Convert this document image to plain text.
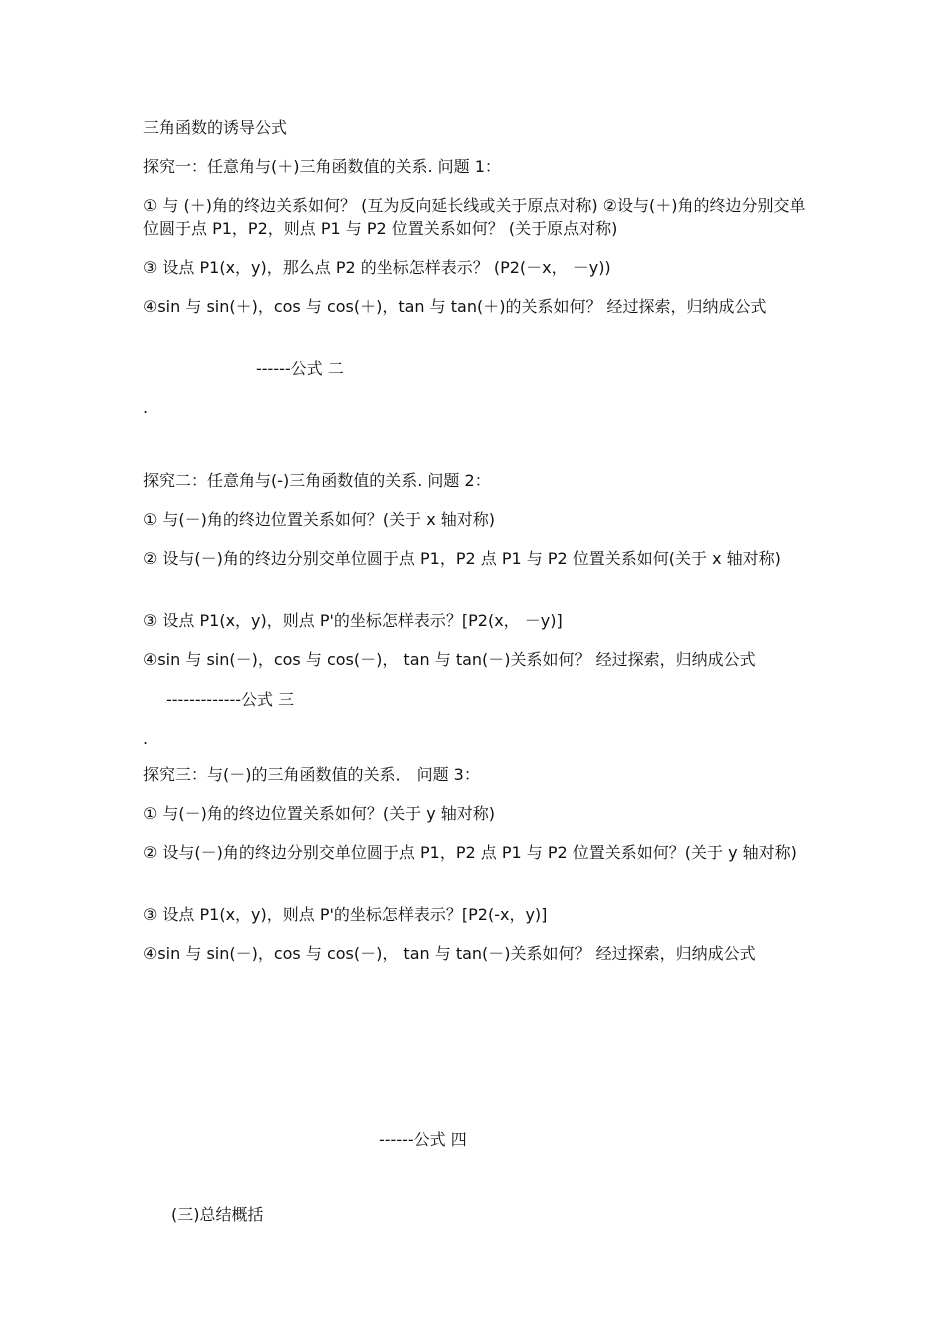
三角函数的诱导公式
探究一：任意角与(＋)三角函数值的关系. 问题 1：
① 与 (＋)角的终边关系如何？ (互为反向延长线或关于原点对称) ②设与(＋)角的终边分别交单位圆于点 P1，P2，则点 P1 与 P2 位置关系如何？ (关于原点对称)
③ 设点 P1(x，y)，那么点 P2 的坐标怎样表示？ (P2(－x， －y))
④sin 与 sin(＋)，cos 与 cos(＋)，tan 与 tan(＋)的关系如何？ 经过探索，归纳成公式
------公式 二
.
探究二：任意角与(-)三角函数值的关系. 问题 2：
① 与(－)角的终边位置关系如何？(关于 x 轴对称)
② 设与(－)角的终边分别交单位圆于点 P1，P2 点 P1 与 P2 位置关系如何(关于 x 轴对称)
③ 设点 P1(x，y)，则点 P'的坐标怎样表示？[P2(x， －y)]
④sin 与 sin(－)，cos 与 cos(－)， tan 与 tan(－)关系如何？ 经过探索，归纳成公式
-------------公式 三
.
探究三：与(－)的三角函数值的关系． 问题 3：
① 与(－)角的终边位置关系如何？(关于 y 轴对称)
② 设与(－)角的终边分别交单位圆于点 P1，P2 点 P1 与 P2 位置关系如何？(关于 y 轴对称)
③ 设点 P1(x，y)，则点 P'的坐标怎样表示？[P2(-x，y)]
④sin 与 sin(－)，cos 与 cos(－)， tan 与 tan(－)关系如何？ 经过探索，归纳成公式
------公式 四
(三)总结概括
